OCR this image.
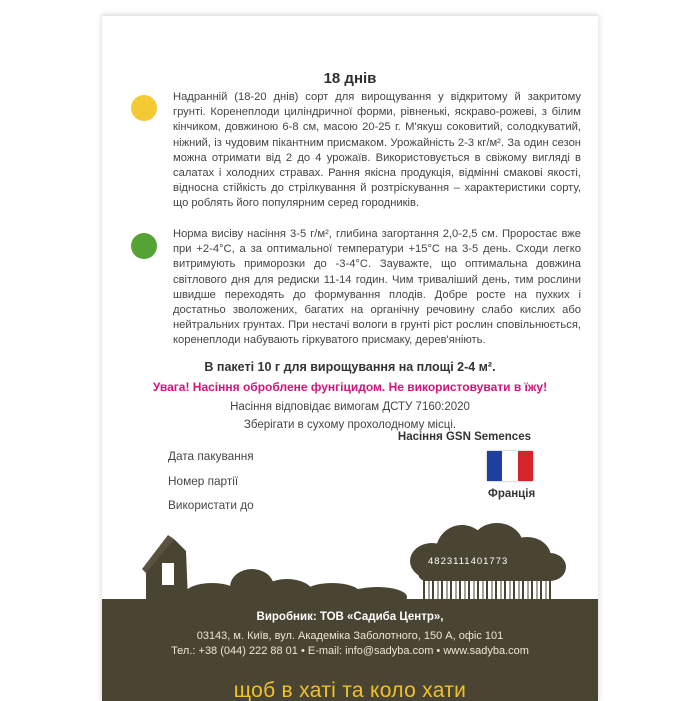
18 днів
Надранній (18-20 днів) сорт для вирощування у відкритому й закритому грунті. Коренеплоди циліндричної форми, рівненькі, яскраво-рожеві, з білим кінчиком, довжиною 6-8 см, масою 20-25 г. М'якуш соковитий, солодкуватий, ніжний, із чудовим пікантним присмаком. Урожайність 2-3 кг/м². За один сезон можна отримати від 2 до 4 урожаїв. Використовується в свіжому вигляді в салатах і холодних стравах. Рання якісна продукція, відмінні смакові якості, відносна стійкість до стрілкування й розтріскування – характеристики сорту, що роблять його популярним серед городників.
Норма висіву насіння 3-5 г/м², глибина загортання 2,0-2,5 см. Проростає вже при +2-4°С, а за оптимальної температури +15°С на 3-5 день. Сходи легко витримують приморозки до -3-4°С. Зауважте, що оптимальна довжина світлового дня для редиски 11-14 годин. Чим триваліший день, тим рослини швидше переходять до формування плодів. Добре росте на пухких і достатньо зволожених, багатих на органічну речовину слабо кислих або нейтральних грунтах. При нестачі вологи в грунті ріст рослин сповільнюється, коренеплоди набувають гіркуватого присмаку, дерев'яніють.
В пакеті 10 г для вирощування на площі 2-4 м².
Увага! Насіння оброблене фунгіцидом. Не використовувати в їжу!
Насіння відповідає вимогам ДСТУ 7160:2020
Зберігати в сухому прохолодному місці.
Дата пакування
Номер партії
Використати до
Насіння GSN Semences
Франція
4823111401773
Виробник: ТОВ «Садиба Центр»,
03143, м. Київ, вул. Академіка Заболотного, 150 А, офіс 101
Тел.: +38 (044) 222 88 01 • E-mail: info@sadyba.com • www.sadyba.com
щоб в хаті та коло хати
